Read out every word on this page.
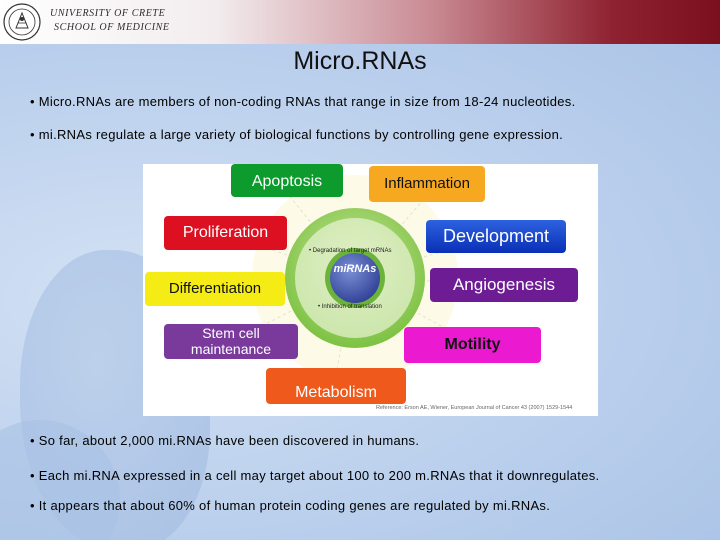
UNIVERSITY OF CRETE
SCHOOL OF MEDICINE
Micro.RNAs
• Micro.RNAs are members of non-coding RNAs that range in size from 18-24 nucleotides.
• mi.RNAs regulate a large variety of biological functions by controlling gene expression.
• Degradation of target mRNAs
• Inhibition of translation
miRNAs
Apoptosis	Inflammation
Proliferation	Development
Differentiation	Angiogenesis
Stem cell
maintenance	Motility
Metabolism
Reference: Erson AE, Wiener, European Journal of Cancer 43 (2007) 1529-1544
• So far, about 2,000 mi.RNAs have been discovered in humans.
• Each mi.RNA expressed in a cell may target about 100 to 200 m.RNAs that it downregulates.
• It appears that about 60% of human protein coding genes are regulated by mi.RNAs.
